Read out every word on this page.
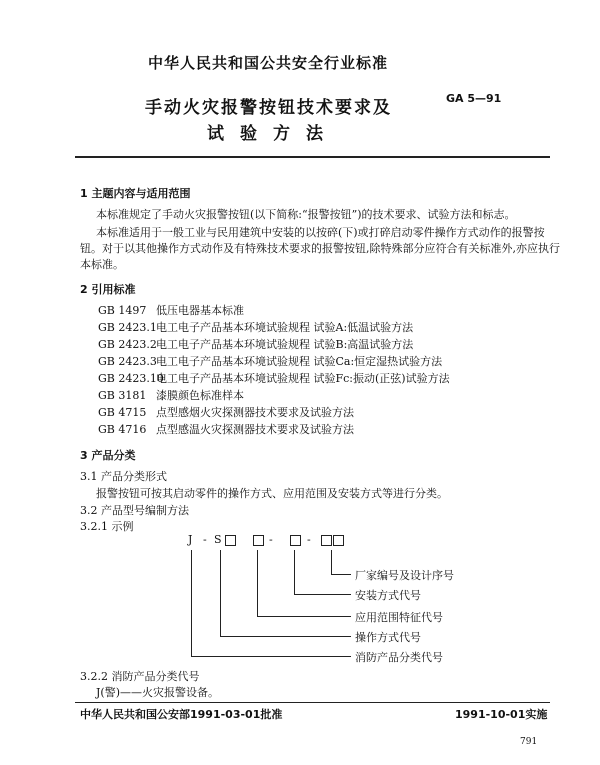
中华人民共和国公共安全行业标准
手动火灾报警按钮技术要求及
试验方法
GA 5—91
1 主题内容与适用范围
本标准规定了手动火灾报警按钮(以下简称:“报警按钮”)的技术要求、试验方法和标志。
本标准适用于一般工业与民用建筑中安装的以按碎(下)或打碎启动零件操作方式动作的报警按
钮。对于以其他操作方式动作及有特殊技术要求的报警按钮,除特殊部分应符合有关标准外,亦应执行
本标准。
2 引用标准
GB 1497 低压电器基本标准
GB 2423.1电工电子产品基本环境试验规程 试验A:低温试验方法
GB 2423.2电工电子产品基本环境试验规程 试验B:高温试验方法
GB 2423.3电工电子产品基本环境试验规程 试验Ca:恒定湿热试验方法
GB 2423.10电工电子产品基本环境试验规程 试验Fc:振动(正弦)试验方法
GB 3181 漆膜颜色标准样本
GB 4715 点型感烟火灾探测器技术要求及试验方法
GB 4716 点型感温火灾探测器技术要求及试验方法
3 产品分类
3.1 产品分类形式
报警按钮可按其启动零件的操作方式、应用范围及安装方式等进行分类。
3.2 产品型号编制方法
3.2.1 示例
J - S	-	-
厂家编号及设计序号
安装方式代号
应用范围特征代号
操作方式代号
消防产品分类代号
3.2.2 消防产品分类代号
J(警)——火灾报警设备。
中华人民共和国公安部1991-03-01批准	1991-10-01实施
791
